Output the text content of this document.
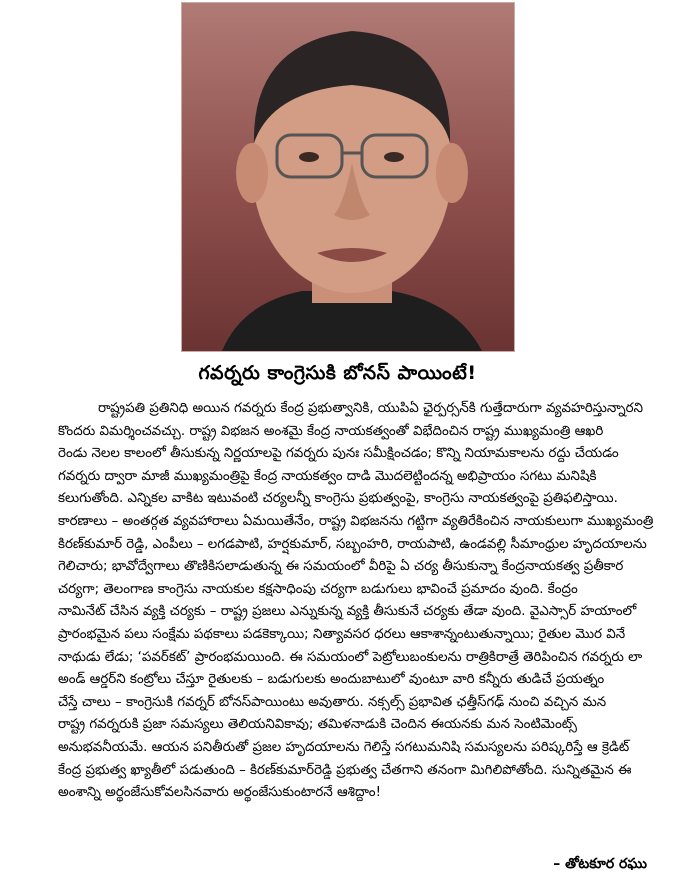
గవర్నరు కాంగ్రెసుకి బోనస్ పాయింటే!
రాష్ట్రపతి ప్రతినిధి అయిన గవర్నరు కేంద్ర ప్రభుత్వానికి, యుపిఏ ఛైర్పర్సన్‌కి గుత్తేదారుగా వ్యవహరిస్తున్నారని
కొందరు విమర్శించవచ్చు. రాష్ట్ర విభజన అంశమై కేంద్ర నాయకత్వంతో విభేదించిన రాష్ట్ర ముఖ్యమంత్రి ఆఖరి
రెండు నెలల కాలంలో తీసుకున్న నిర్ణయాలపై గవర్నరు పునః సమీక్షించడం; కొన్ని నియామకాలను రద్దు చేయడం
గవర్నరు ద్వారా మాజీ ముఖ్యమంత్రిపై కేంద్ర నాయకత్వం దాడి మొదలెట్టిందన్న అభిప్రాయం సగటు మనిషికి
కలుగుతోంది. ఎన్నికల వాకిట ఇటువంటి చర్యలన్నీ కాంగ్రెసు ప్రభుత్వంపై, కాంగ్రెసు నాయకత్వంపై ప్రతిఫలిస్తాయి.
కారణాలు – అంతర్గత వ్యవహారాలు ఏమయితేనేం, రాష్ట్ర విభజనను గట్టిగా వ్యతిరేకించిన నాయకులుగా ముఖ్యమంత్రి
కిరణ్‌కుమార్ రెడ్డి, ఎంపీలు – లగడపాటి, హర్షకుమార్, సబ్బంహరి, రాయపాటి, ఉండవల్లి సీమాంధ్రుల హృదయాలను
గెలిచారు; భావోద్వేగాలు తొణికిసలాడుతున్న ఈ సమయంలో వీరిపై ఏ చర్య తీసుకున్నా కేంద్రనాయకత్వ ప్రతీకార
చర్యగా; తెలంగాణ కాంగ్రెసు నాయకుల కక్షసాధింపు చర్యగా బడుగులు భావించే ప్రమాదం వుంది. కేంద్రం
నామినేట్ చేసిన వ్యక్తి చర్యకు – రాష్ట్ర ప్రజలు ఎన్నుకున్న వ్యక్తి తీసుకునే చర్యకు తేడా వుంది. వైఎస్సార్ హయాంలో
ప్రారంభమైన పలు సంక్షేమ పథకాలు పడకెక్కాయి; నిత్యావసర ధరలు ఆకాశాన్నంటుతున్నాయి; రైతుల మొర వినే
నాథుడు లేడు; ‘పవర్‌కట్’ ప్రారంభమయింది. ఈ సమయంలో పెట్రోలుబంకులను రాత్రికిరాత్రే తెరిపించిన గవర్నరు లా
అండ్ ఆర్డర్‌ని కంట్రోలు చేస్తూ రైతులకు – బడుగులకు అందుబాటులో వుంటూ వారి కన్నీరు తుడిచే ప్రయత్నం
చేస్తే చాలు – కాంగ్రెసుకి గవర్నర్ బోనస్‌పాయింటు అవుతారు. నక్సల్స్ ప్రభావిత ఛత్తీస్‌గఢ్ నుంచి వచ్చిన మన
రాష్ట్ర గవర్నరుకి ప్రజా సమస్యలు తెలియనివికావు; తమిళనాడుకి చెందిన ఈయనకు మన సెంటిమెంట్స్
అనుభవనీయమే. ఆయన పనితీరుతో ప్రజల హృదయాలను గెలిస్తే సగటుమనిషి సమస్యలను పరిష్కరిస్తే ఆ క్రెడిట్
కేంద్ర ప్రభుత్వ ఖ్యాతీలో పడుతుంది – కిరణ్‌కుమార్‌రెడ్డి ప్రభుత్వ చేతగాని తనంగా మిగిలిపోతోంది. సున్నితమైన ఈ
అంశాన్ని అర్థంజేసుకోవలసినవారు అర్థంజేసుకుంటారనే ఆశిద్దాం!
– తోటకూర రఘు
